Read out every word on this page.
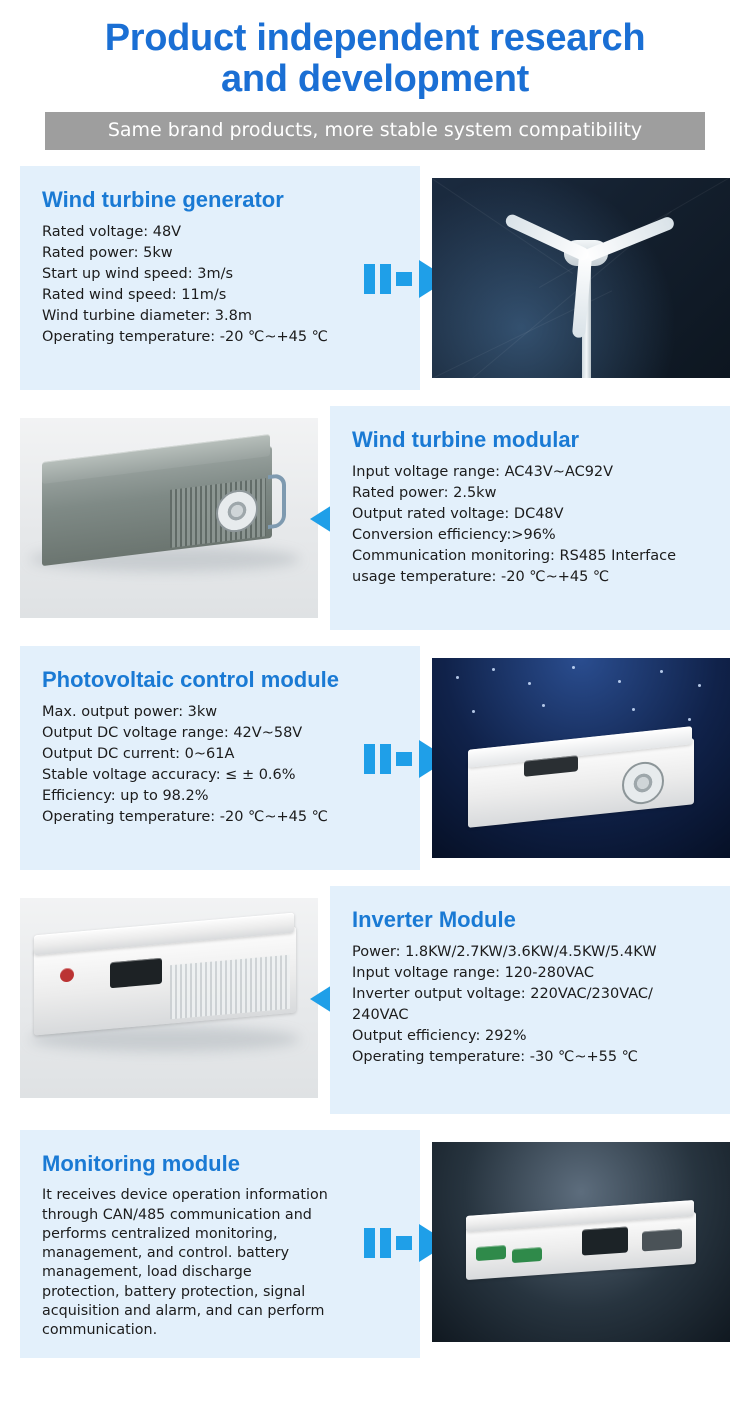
Product independent research
and development
Same brand products, more stable system compatibility
Wind turbine generator
Rated voltage: 48V
Rated power: 5kw
Start up wind speed: 3m/s
Rated wind speed: 11m/s
Wind turbine diameter: 3.8m
Operating temperature: -20 ℃~+45 ℃
Wind turbine modular
Input voltage range: AC43V~AC92V
Rated power: 2.5kw
Output rated voltage: DC48V
Conversion efficiency:>96%
Communication monitoring: RS485 Interface
usage temperature: -20 ℃~+45 ℃
Photovoltaic control module
Max. output power: 3kw
Output DC voltage range: 42V~58V
Output DC current: 0~61A
Stable voltage accuracy: ≤ ± 0.6%
Efficiency: up to 98.2%
Operating temperature: -20 ℃~+45 ℃
Inverter Module
Power: 1.8KW/2.7KW/3.6KW/4.5KW/5.4KW
Input voltage range: 120-280VAC
Inverter output voltage: 220VAC/230VAC/
240VAC
Output efficiency: 292%
Operating temperature: -30 ℃~+55 ℃
Monitoring module

It receives device operation information through CAN/485 communication and performs centralized monitoring, management, and control. battery management, load discharge protection, battery protection, signal acquisition and alarm, and can perform communication.
